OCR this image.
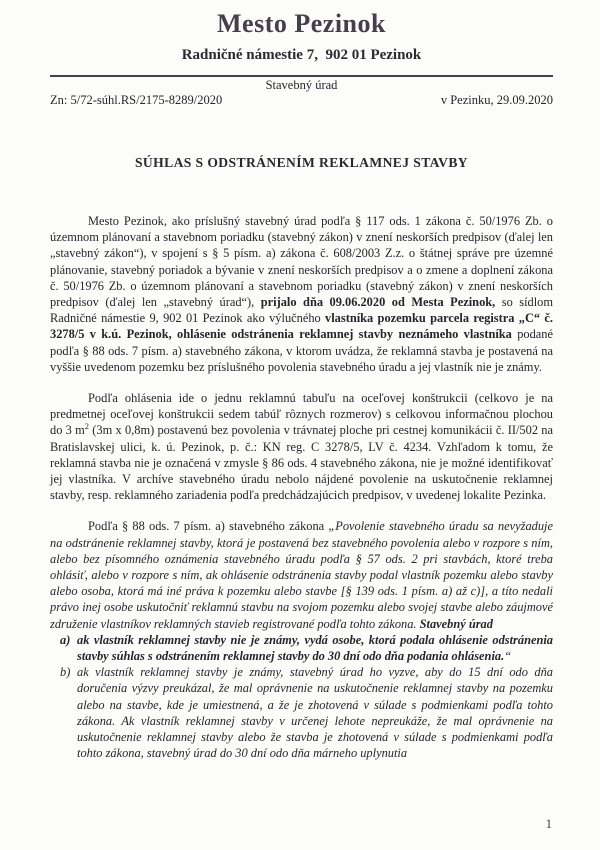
Mesto Pezinok
Radničné námestie 7,  902 01 Pezinok
Stavebný úrad
Zn: 5/72-súhl.RS/2175-8289/2020	v Pezinku, 29.09.2020
SÚHLAS S ODSTRÁNENÍM REKLAMNEJ STAVBY

Mesto Pezinok, ako príslušný stavebný úrad podľa § 117 ods. 1 zákona č. 50/1976 Zb. o územnom plánovaní a stavebnom poriadku (stavebný zákon) v znení neskorších predpisov (ďalej len „stavebný zákon“), v spojení s § 5 písm. a) zákona č. 608/2003 Z.z. o štátnej správe pre územné plánovanie, stavebný poriadok a bývanie v znení neskorších predpisov a o zmene a doplnení zákona č. 50/1976 Zb. o územnom plánovaní a stavebnom poriadku (stavebný zákon) v znení neskorších predpisov (ďalej len „stavebný úrad“), prijalo dňa 09.06.2020 od Mesta Pezinok, so sídlom Radničné námestie 9, 902 01 Pezinok ako výlučného vlastníka pozemku parcela registra „C“ č. 3278/5 v k.ú. Pezinok, ohlásenie odstránenia reklamnej stavby neznámeho vlastníka podané podľa § 88 ods. 7 písm. a) stavebného zákona, v ktorom uvádza, že reklamná stavba je postavená na vyššie uvedenom pozemku bez príslušného povolenia stavebného úradu a jej vlastník nie je známy.

Podľa ohlásenia ide o jednu reklamnú tabuľu na oceľovej konštrukcii (celkovo je na predmetnej oceľovej konštrukcii sedem tabúľ rôznych rozmerov) s celkovou informačnou plochou do 3 $m^2$ (3m x 0,8m) postavenú bez povolenia v trávnatej ploche pri cestnej komunikácii č. II/502 na Bratislavskej ulici, k. ú. Pezinok, p. č.: KN reg. C 3278/5, LV č. 4234. Vzhľadom k tomu, že reklamná stavba nie je označená v zmysle § 86 ods. 4 stavebného zákona, nie je možné identifikovať jej vlastníka. V archíve stavebného úradu nebolo nájdené povolenie na uskutočnenie reklamnej stavby, resp. reklamného zariadenia podľa predchádzajúcich predpisov, v uvedenej lokalite Pezinka.

Podľa § 88 ods. 7 písm. a) stavebného zákona „Povolenie stavebného úradu sa nevyžaduje na odstránenie reklamnej stavby, ktorá je postavená bez stavebného povolenia alebo v rozpore s ním, alebo bez písomného oznámenia stavebného úradu podľa § 57 ods. 2 pri stavbách, ktoré treba ohlásiť, alebo v rozpore s ním, ak ohlásenie odstránenia stavby podal vlastník pozemku alebo stavby alebo osoba, ktorá má iné práva k pozemku alebo stavbe [§ 139 ods. 1 písm. a) až c)], a títo nedali právo inej osobe uskutočniť reklamnú stavbu na svojom pozemku alebo svojej stavbe alebo záujmové združenie vlastníkov reklamných stavieb registrované podľa tohto zákona. Stavebný úrad

a) ak vlastník reklamnej stavby nie je známy, vydá osobe, ktorá podala ohlásenie odstránenia stavby súhlas s odstránením reklamnej stavby do 30 dní odo dňa podania ohlásenia.“
b) ak vlastník reklamnej stavby je známy, stavebný úrad ho vyzve, aby do 15 dní odo dňa doručenia výzvy preukázal, že mal oprávnenie na uskutočnenie reklamnej stavby na pozemku alebo na stavbe, kde je umiestnená, a že je zhotovená v súlade s podmienkami podľa tohto zákona. Ak vlastník reklamnej stavby v určenej lehote nepreukáže, že mal oprávnenie na uskutočnenie reklamnej stavby alebo že stavba je zhotovená v súlade s podmienkami podľa tohto zákona, stavebný úrad do 30 dní odo dňa márneho uplynutia
1
